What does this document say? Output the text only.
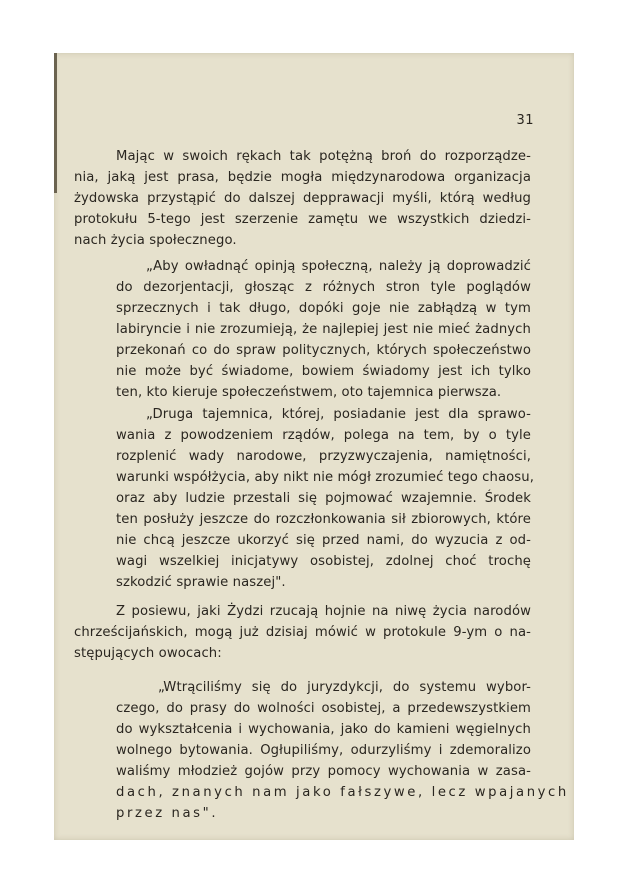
31
Mając w swoich rękach tak potężną broń do rozporządze-
nia, jaką jest prasa, będzie mogła międzynarodowa organizacja
żydowska przystąpić do dalszej depprawacji myśli, którą według
protokułu 5-tego jest szerzenie zamętu we wszystkich dziedzi-
nach życia społecznego.
„Aby owładnąć opinją społeczną, należy ją doprowadzić
do dezorjentacji, głosząc z różnych stron tyle poglądów
sprzecznych i tak długo, dopóki goje nie zabłądzą w tym
labiryncie i nie zrozumieją, że najlepiej jest nie mieć żadnych
przekonań co do spraw politycznych, których społeczeństwo
nie może być świadome, bowiem świadomy jest ich tylko
ten, kto kieruje społeczeństwem, oto tajemnica pierwsza.
„Druga tajemnica, której, posiadanie jest dla sprawo-
wania z powodzeniem rządów, polega na tem, by o tyle
rozplenić wady narodowe, przyzwyczajenia, namiętności,
warunki współżycia, aby nikt nie mógł zrozumieć tego chaosu,
oraz aby ludzie przestali się pojmować wzajemnie. Środek
ten posłuży jeszcze do rozczłonkowania sił zbiorowych, które
nie chcą jeszcze ukorzyć się przed nami, do wyzucia z od-
wagi wszelkiej inicjatywy osobistej, zdolnej choć trochę
szkodzić sprawie naszej".
Z posiewu, jaki Żydzi rzucają hojnie na niwę życia narodów
chrześcijańskich, mogą już dzisiaj mówić w protokule 9-ym o na-
stępujących owocach:
„Wtrąciliśmy się do juryzdykcji, do systemu wybor-
czego, do prasy do wolności osobistej, a przedewszystkiem
do wykształcenia i wychowania, jako do kamieni węgielnych
wolnego bytowania. Ogłupiliśmy, odurzyliśmy i zdemoralizo
waliśmy młodzież gojów przy pomocy wychowania w zasa-
dach, znanych nam jako fałszywe, lecz wpajanych
przez nas".
